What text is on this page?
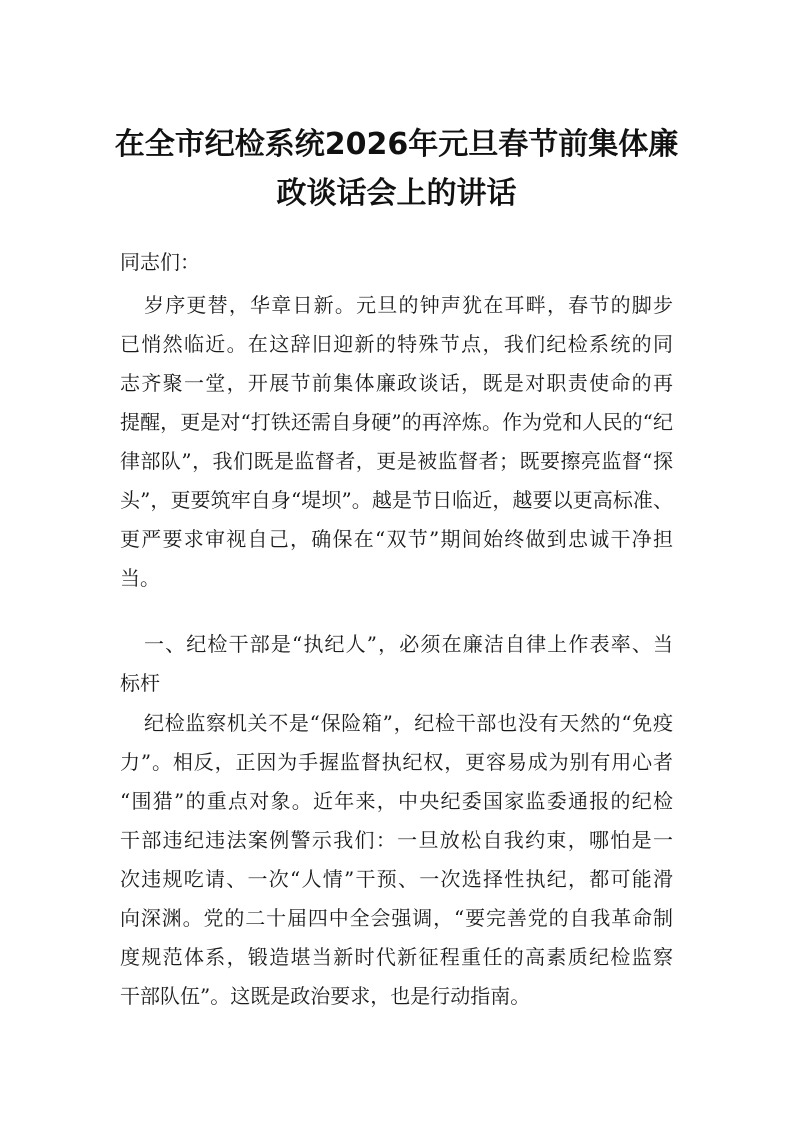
在全市纪检系统2026年元旦春节前集体廉
政谈话会上的讲话
同志们：
岁序更替，华章日新。元旦的钟声犹在耳畔，春节的脚步
已悄然临近。在这辞旧迎新的特殊节点，我们纪检系统的同
志齐聚一堂，开展节前集体廉政谈话，既是对职责使命的再
提醒，更是对“打铁还需自身硬”的再淬炼。作为党和人民的“纪
律部队”，我们既是监督者，更是被监督者；既要擦亮监督“探
头”，更要筑牢自身“堤坝”。越是节日临近，越要以更高标准、
更严要求审视自己，确保在“双节”期间始终做到忠诚干净担
当。
一、纪检干部是“执纪人”，必须在廉洁自律上作表率、当
标杆
纪检监察机关不是“保险箱”，纪检干部也没有天然的“免疫
力”。相反，正因为手握监督执纪权，更容易成为别有用心者
“围猎”的重点对象。近年来，中央纪委国家监委通报的纪检
干部违纪违法案例警示我们：一旦放松自我约束，哪怕是一
次违规吃请、一次“人情”干预、一次选择性执纪，都可能滑
向深渊。党的二十届四中全会强调，“要完善党的自我革命制
度规范体系，锻造堪当新时代新征程重任的高素质纪检监察
干部队伍”。这既是政治要求，也是行动指南。
